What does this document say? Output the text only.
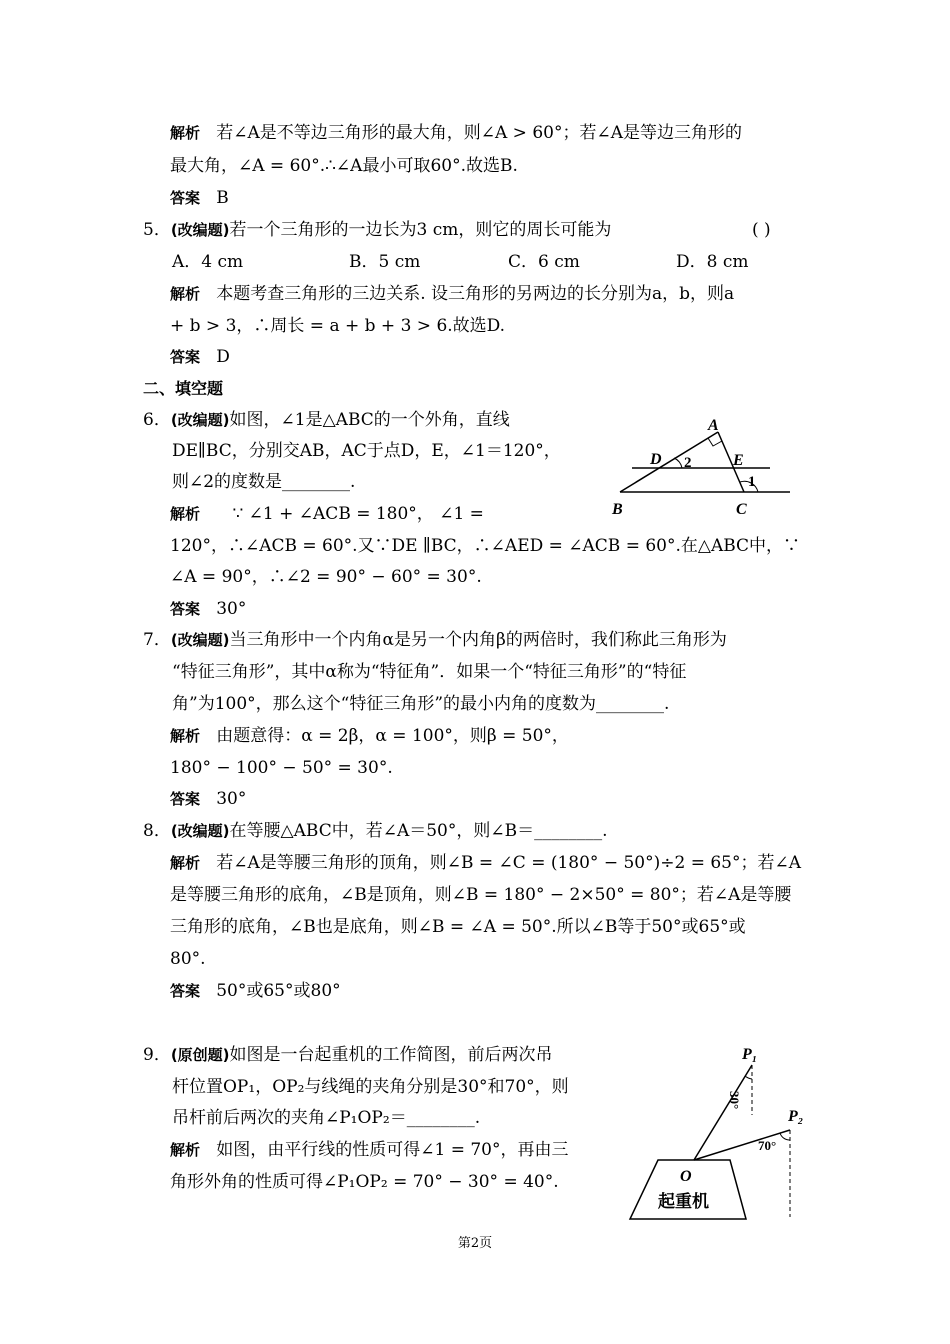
解析 若∠A是不等边三角形的最大角，则∠A > 60°；若∠A是等边三角形的
最大角，∠A = 60°.∴∠A最小可取60°.故选B.
答案 B
5．(改编题)若一个三角形的一边长为3 cm，则它的周长可能为	( )
A．4 cm	B．5 cm	C．6 cm	D．8 cm
解析 本题考查三角形的三边关系. 设三角形的另两边的长分别为a，b，则a
+ b > 3，∴周长 = a + b + 3 > 6.故选D.
答案 D
二、填空题
6．(改编题)如图，∠1是△ABC的一个外角，直线
DE∥BC，分别交AB，AC于点D，E，∠1＝120°，
则∠2的度数是________.
解析 ∵ ∠1 + ∠ACB = 180°， ∠1 =
120°，∴∠ACB = 60°.又∵DE ∥BC，∴∠AED = ∠ACB = 60°.在△ABC中，∵
∠A = 90°，∴∠2 = 90° − 60° = 30°.
答案 30°
A
B	C
D	E
1
2
7．(改编题)当三角形中一个内角α是另一个内角β的两倍时，我们称此三角形为
“特征三角形”，其中α称为“特征角”．如果一个“特征三角形”的“特征
角”为100°，那么这个“特征三角形”的最小内角的度数为________.
解析 由题意得：α = 2β，α = 100°，则β = 50°，
180° − 100° − 50° = 30°.
答案 30°
8．(改编题)在等腰△ABC中，若∠A＝50°，则∠B＝________.
解析 若∠A是等腰三角形的顶角，则∠B = ∠C = (180° − 50°)÷2 = 65°；若∠A
是等腰三角形的底角，∠B是顶角，则∠B = 180° − 2×50° = 80°；若∠A是等腰
三角形的底角，∠B也是底角，则∠B = ∠A = 50°.所以∠B等于50°或65°或
80°.
答案 50°或65°或80°
9．(原创题)如图是一台起重机的工作简图，前后两次吊
杆位置OP₁，OP₂与线绳的夹角分别是30°和70°，则
吊杆前后两次的夹角∠P₁OP₂＝________.
解析 如图，由平行线的性质可得∠1 = 70°，再由三
角形外角的性质可得∠P₁OP₂ = 70° − 30° = 40°.
P₁
P₂
O
30°
70°
起重机
第2页
